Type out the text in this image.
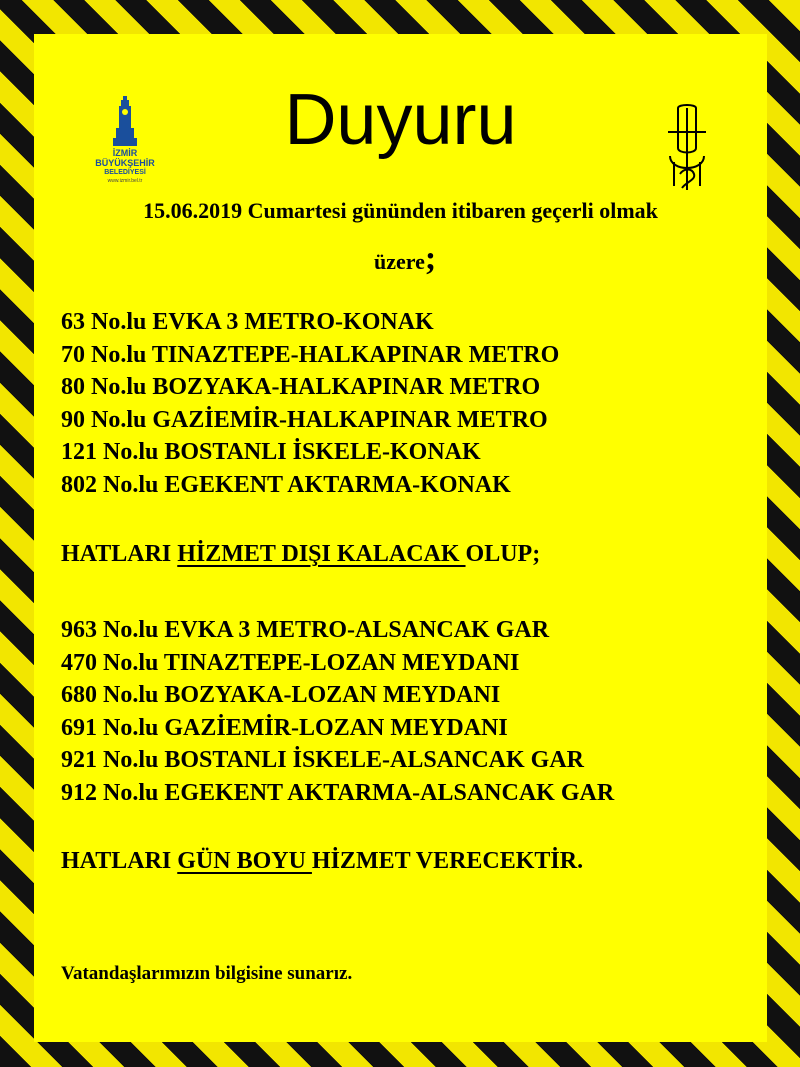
İZMİR
BÜYÜKŞEHİR
BELEDİYESİ
www.izmir.bel.tr
Duyuru
15.06.2019 Cumartesi gününden itibaren geçerli olmak
üzere;
63 No.lu EVKA 3 METRO-KONAK
70 No.lu TINAZTEPE-HALKAPINAR METRO
80 No.lu BOZYAKA-HALKAPINAR METRO
90 No.lu GAZİEMİR-HALKAPINAR METRO
121 No.lu BOSTANLI İSKELE-KONAK
802 No.lu EGEKENT AKTARMA-KONAK
HATLARI HİZMET DIŞI KALACAK OLUP;
963 No.lu EVKA 3 METRO-ALSANCAK GAR
470 No.lu TINAZTEPE-LOZAN MEYDANI
680 No.lu BOZYAKA-LOZAN MEYDANI
691 No.lu GAZİEMİR-LOZAN MEYDANI
921 No.lu BOSTANLI İSKELE-ALSANCAK GAR
912 No.lu EGEKENT AKTARMA-ALSANCAK GAR
HATLARI GÜN BOYU HİZMET VERECEKTİR.
Vatandaşlarımızın bilgisine sunarız.
